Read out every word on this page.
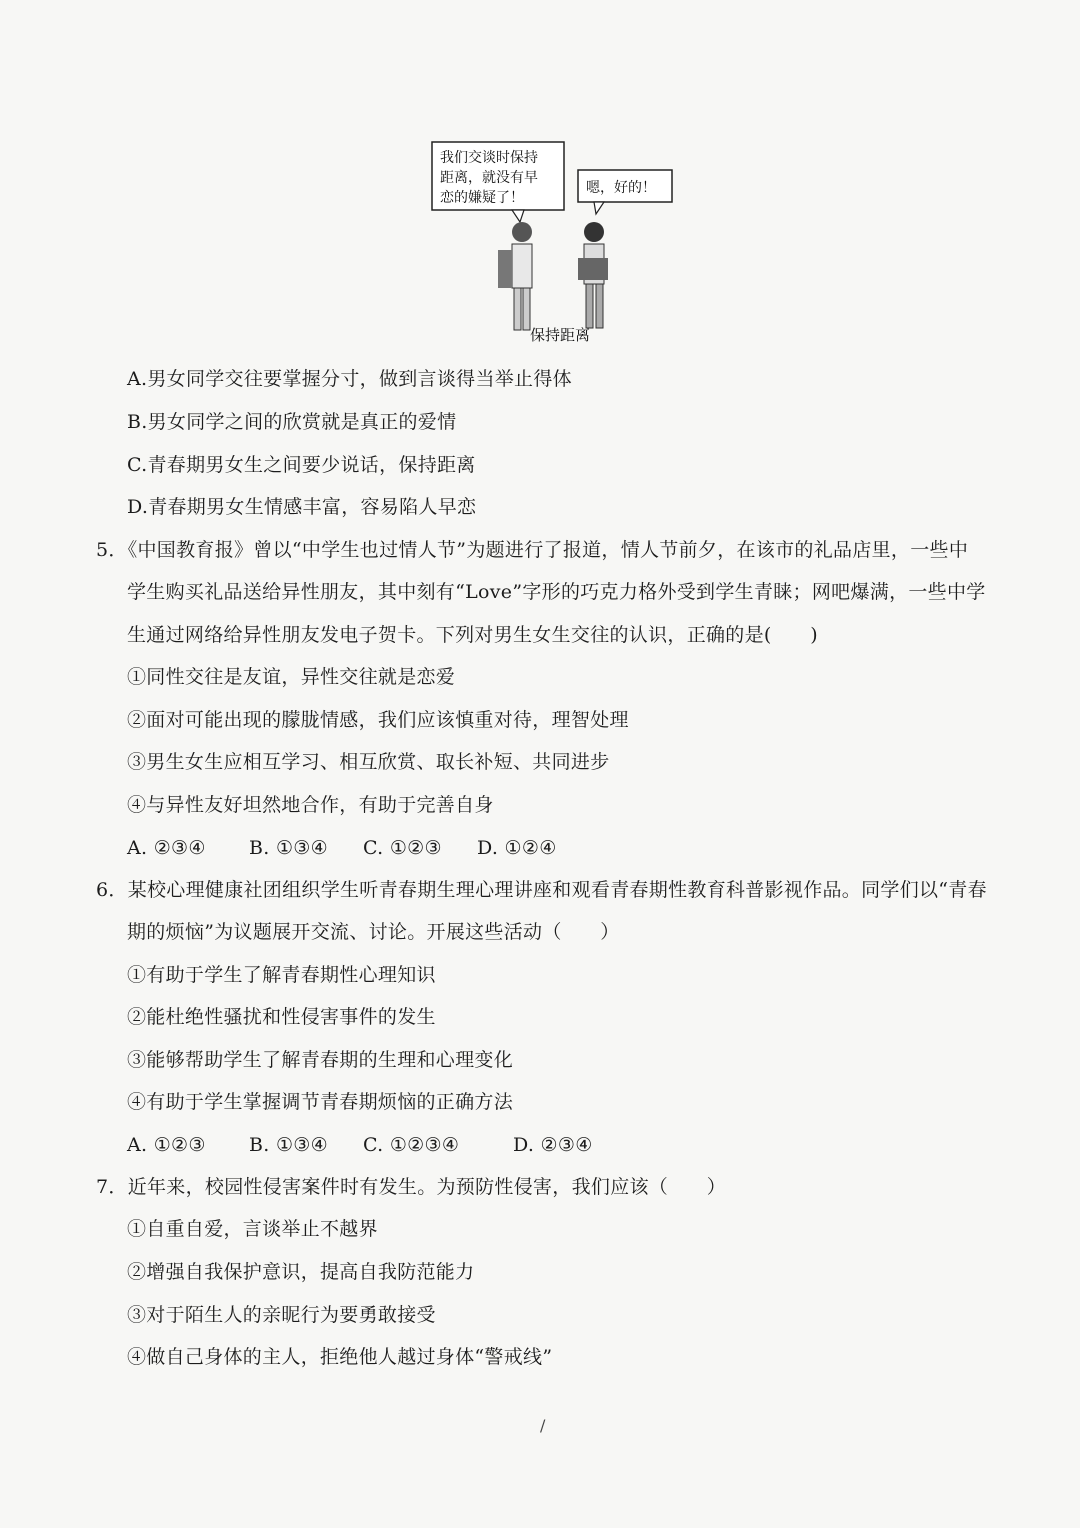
我们交谈时保持
距离，就没有早
恋的嫌疑了！
嗯，好的！
保持距离
A.男女同学交往要掌握分寸，做到言谈得当举止得体
B.男女同学之间的欣赏就是真正的爱情
C.青春期男女生之间要少说话，保持距离
D.青春期男女生情感丰富，容易陷人早恋
5．《中国教育报》曾以“中学生也过情人节”为题进行了报道，情人节前夕，在该市的礼品店里，一些中
学生购买礼品送给异性朋友，其中刻有“Love”字形的巧克力格外受到学生青睐；网吧爆满，一些中学
生通过网络给异性朋友发电子贺卡。下列对男生女生交往的认识，正确的是(　　)
①同性交往是友谊，异性交往就是恋爱
②面对可能出现的朦胧情感，我们应该慎重对待，理智处理
③男生女生应相互学习、相互欣赏、取长补短、共同进步
④与异性友好坦然地合作，有助于完善自身
A. ②③④ B. ①③④ C. ①②③ D. ①②④
6．某校心理健康社团组织学生听青春期生理心理讲座和观看青春期性教育科普影视作品。同学们以“青春
期的烦恼”为议题展开交流、讨论。开展这些活动（　　）
①有助于学生了解青春期性心理知识
②能杜绝性骚扰和性侵害事件的发生
③能够帮助学生了解青春期的生理和心理变化
④有助于学生掌握调节青春期烦恼的正确方法
A. ①②③ B. ①③④ C. ①②③④	D. ②③④
7．近年来，校园性侵害案件时有发生。为预防性侵害，我们应该（　　）
①自重自爱，言谈举止不越界
②增强自我保护意识，提高自我防范能力
③对于陌生人的亲昵行为要勇敢接受
④做自己身体的主人，拒绝他人越过身体“警戒线”
/
